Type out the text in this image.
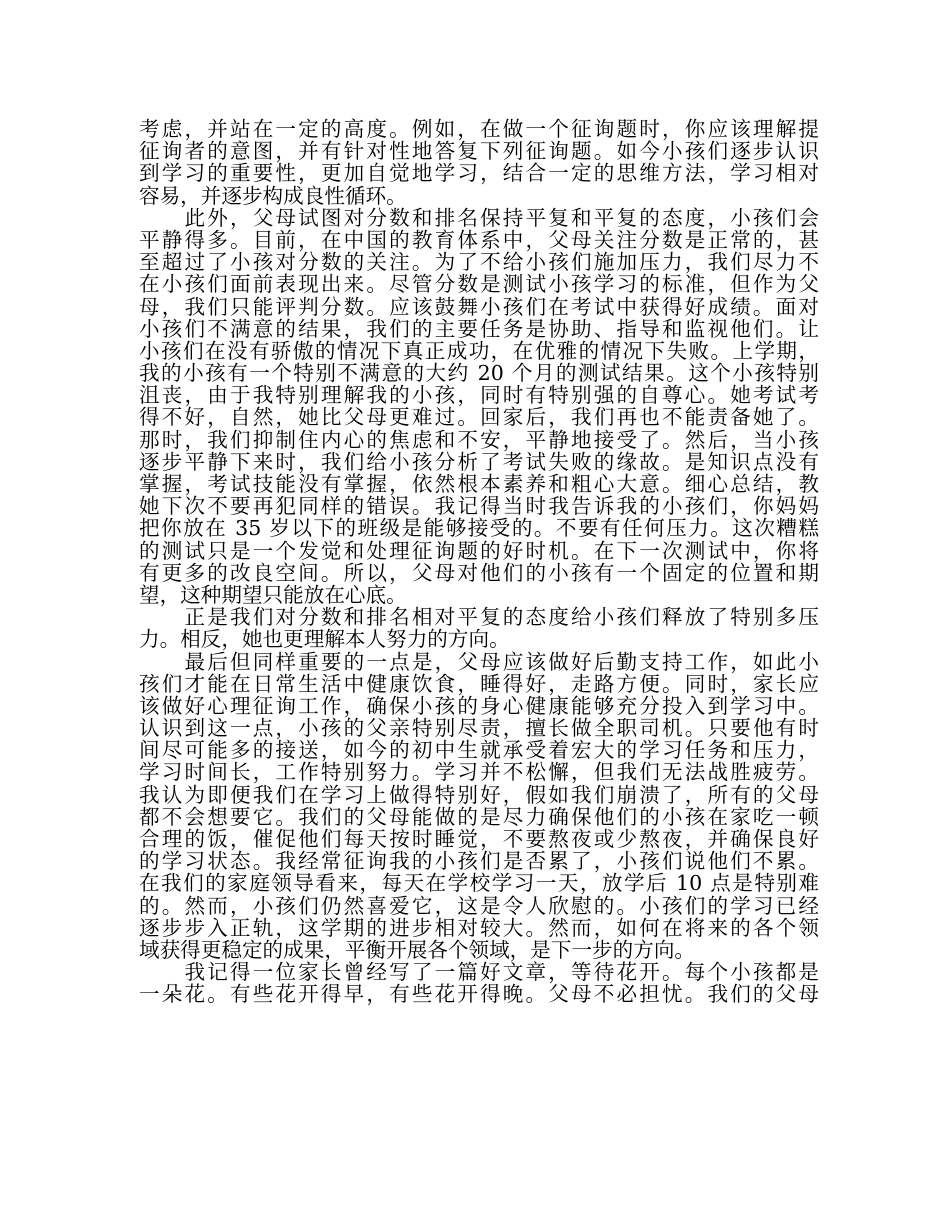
考虑，并站在一定的高度。例如，在做一个征询题时，你应该理解提
征询者的意图，并有针对性地答复下列征询题。如今小孩们逐步认识
到学习的重要性，更加自觉地学习，结合一定的思维方法，学习相对
容易，并逐步构成良性循环。
　　此外，父母试图对分数和排名保持平复和平复的态度，小孩们会
平静得多。目前，在中国的教育体系中，父母关注分数是正常的，甚
至超过了小孩对分数的关注。为了不给小孩们施加压力，我们尽力不
在小孩们面前表现出来。尽管分数是测试小孩学习的标准，但作为父
母，我们只能评判分数。应该鼓舞小孩们在考试中获得好成绩。面对
小孩们不满意的结果，我们的主要任务是协助、指导和监视他们。让
小孩们在没有骄傲的情况下真正成功，在优雅的情况下失败。上学期，
我的小孩有一个特别不满意的大约 20 个月的测试结果。这个小孩特别
沮丧，由于我特别理解我的小孩，同时有特别强的自尊心。她考试考
得不好，自然，她比父母更难过。回家后，我们再也不能责备她了。
那时，我们抑制住内心的焦虑和不安，平静地接受了。然后，当小孩
逐步平静下来时，我们给小孩分析了考试失败的缘故。是知识点没有
掌握，考试技能没有掌握，依然根本素养和粗心大意。细心总结，教
她下次不要再犯同样的错误。我记得当时我告诉我的小孩们，你妈妈
把你放在 35 岁以下的班级是能够接受的。不要有任何压力。这次糟糕
的测试只是一个发觉和处理征询题的好时机。在下一次测试中，你将
有更多的改良空间。所以，父母对他们的小孩有一个固定的位置和期
望，这种期望只能放在心底。
　　正是我们对分数和排名相对平复的态度给小孩们释放了特别多压
力。相反，她也更理解本人努力的方向。
　　最后但同样重要的一点是，父母应该做好后勤支持工作，如此小
孩们才能在日常生活中健康饮食，睡得好，走路方便。同时，家长应
该做好心理征询工作，确保小孩的身心健康能够充分投入到学习中。
认识到这一点，小孩的父亲特别尽责，擅长做全职司机。只要他有时
间尽可能多的接送，如今的初中生就承受着宏大的学习任务和压力，
学习时间长，工作特别努力。学习并不松懈，但我们无法战胜疲劳。
我认为即便我们在学习上做得特别好，假如我们崩溃了，所有的父母
都不会想要它。我们的父母能做的是尽力确保他们的小孩在家吃一顿
合理的饭，催促他们每天按时睡觉，不要熬夜或少熬夜，并确保良好
的学习状态。我经常征询我的小孩们是否累了，小孩们说他们不累。
在我们的家庭领导看来，每天在学校学习一天，放学后 10 点是特别难
的。然而，小孩们仍然喜爱它，这是令人欣慰的。小孩们的学习已经
逐步步入正轨，这学期的进步相对较大。然而，如何在将来的各个领
域获得更稳定的成果，平衡开展各个领域，是下一步的方向。
　　我记得一位家长曾经写了一篇好文章，等待花开。每个小孩都是
一朵花。有些花开得早，有些花开得晚。父母不必担忧。我们的父母
